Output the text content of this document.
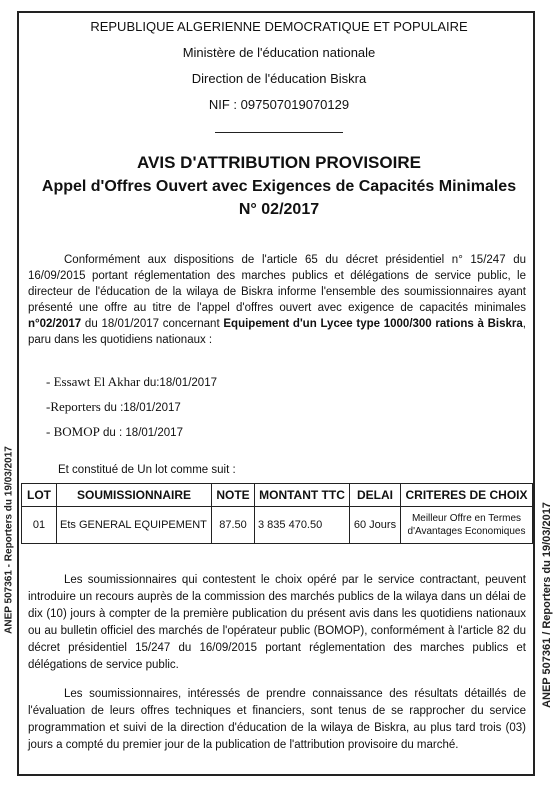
ANEP 507361 - Reporters du 19/03/2017
REPUBLIQUE ALGERIENNE DEMOCRATIQUE ET POPULAIRE
Ministère de l'éducation nationale
Direction de l'éducation Biskra
NIF : 097507019070129
AVIS D'ATTRIBUTION PROVISOIRE
Appel d'Offres Ouvert avec Exigences de Capacités Minimales
N° 02/2017
Conformément aux dispositions de l'article 65 du décret présidentiel n° 15/247 du 16/09/2015 portant réglementation des marches publics et délégations de service public, le directeur de l'éducation de la wilaya de Biskra informe l'ensemble des soumissionnaires ayant présenté une offre au titre de l'appel d'offres ouvert avec exigence de capacités minimales n°02/2017 du 18/01/2017 concernant Equipement d'un Lycee type 1000/300 rations à Biskra, paru dans les quotidiens nationaux :
- Essawt El Akhar du:18/01/2017
-Reporters du :18/01/2017
- BOMOP du : 18/01/2017
Et constitué de Un lot comme suit :
LOT	SOUMISSIONNAIRE	NOTE	MONTANT TTC	DELAI	CRITERES DE CHOIX
01	Ets GENERAL EQUIPEMENT	87.50	3 835 470.50	60 Jours	Meilleur Offre en Termes
d'Avantages Economiques
Les soumissionnaires qui contestent le choix opéré par le service contractant, peuvent introduire un recours auprès de la commission des marchés publics de la wilaya dans un délai de dix (10) jours à compter de la première publication du présent avis dans les quotidiens nationaux ou au bulletin officiel des marchés de l'opérateur public (BOMOP), conformément à l'article 82 du décret présidentiel 15/247 du 16/09/2015 portant réglementation des marches publics et délégations de service public.
Les soumissionnaires, intéressés de prendre connaissance des résultats détaillés de l'évaluation de leurs offres techniques et financiers, sont tenus de se rapprocher du service programmation et suivi de la direction d'éducation de la wilaya de Biskra, au plus tard trois (03) jours a compté du premier jour de la publication de l'attribution provisoire du marché.
ANEP 507361 / Reporters du 19/03/2017
